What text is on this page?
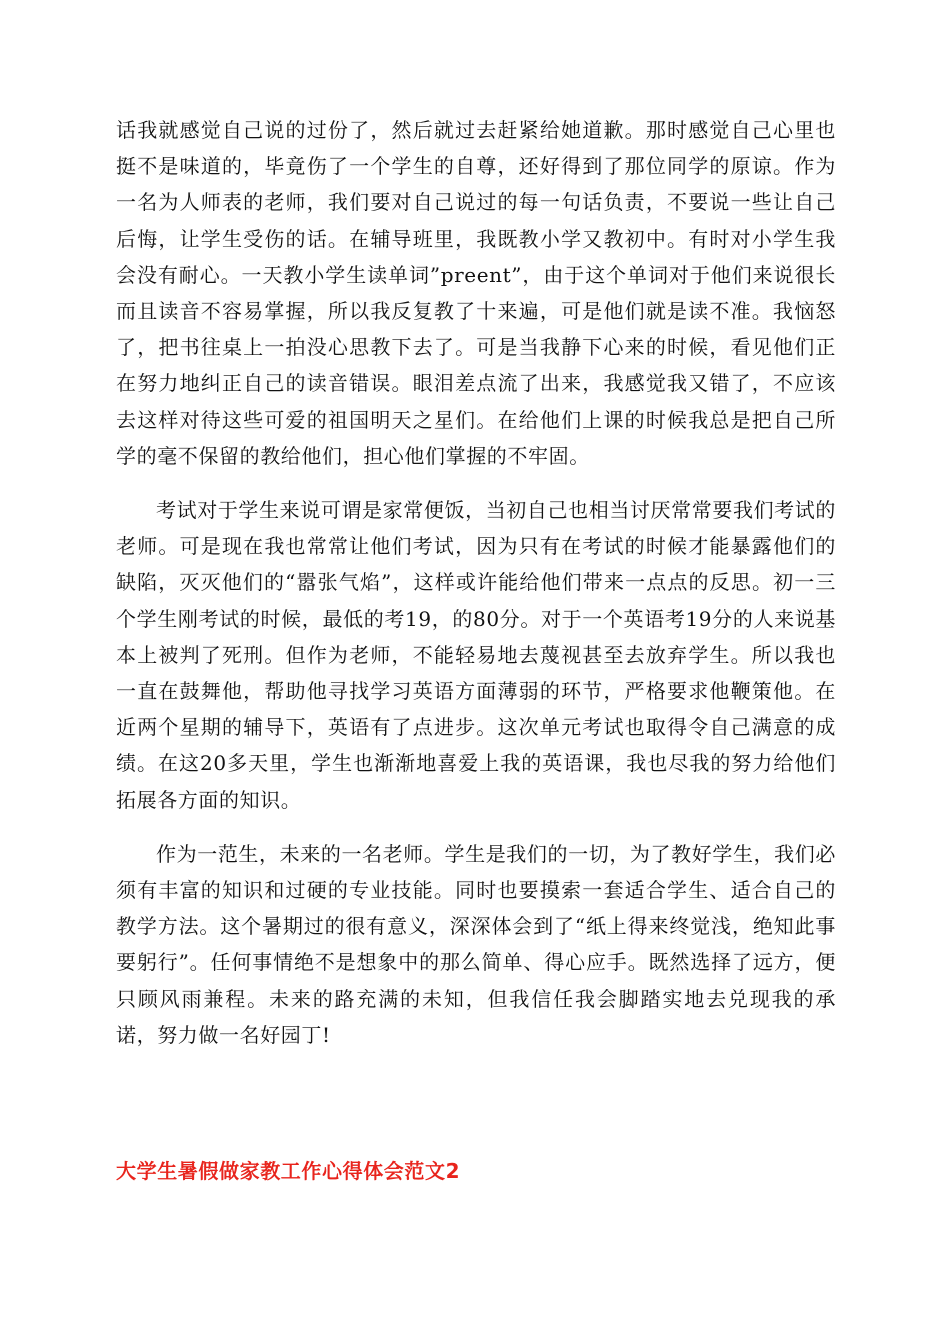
话我就感觉自己说的过份了，然后就过去赶紧给她道歉。那时感觉自己心里也挺不是味道的，毕竟伤了一个学生的自尊，还好得到了那位同学的原谅。作为一名为人师表的老师，我们要对自己说过的每一句话负责，不要说一些让自己后悔，让学生受伤的话。在辅导班里，我既教小学又教初中。有时对小学生我会没有耐心。一天教小学生读单词”preent”，由于这个单词对于他们来说很长而且读音不容易掌握，所以我反复教了十来遍，可是他们就是读不准。我恼怒了，把书往桌上一拍没心思教下去了。可是当我静下心来的时候，看见他们正在努力地纠正自己的读音错误。眼泪差点流了出来，我感觉我又错了，不应该去这样对待这些可爱的祖国明天之星们。在给他们上课的时候我总是把自己所学的毫不保留的教给他们，担心他们掌握的不牢固。

考试对于学生来说可谓是家常便饭，当初自己也相当讨厌常常要我们考试的老师。可是现在我也常常让他们考试，因为只有在考试的时候才能暴露他们的缺陷，灭灭他们的“嚣张气焰”，这样或许能给他们带来一点点的反思。初一三个学生刚考试的时候，最低的考19，的80分。对于一个英语考19分的人来说基本上被判了死刑。但作为老师，不能轻易地去蔑视甚至去放弃学生。所以我也一直在鼓舞他，帮助他寻找学习英语方面薄弱的环节，严格要求他鞭策他。在近两个星期的辅导下，英语有了点进步。这次单元考试也取得令自己满意的成绩。在这20多天里，学生也渐渐地喜爱上我的英语课，我也尽我的努力给他们拓展各方面的知识。

作为一范生，未来的一名老师。学生是我们的一切，为了教好学生，我们必须有丰富的知识和过硬的专业技能。同时也要摸索一套适合学生、适合自己的教学方法。这个暑期过的很有意义，深深体会到了“纸上得来终觉浅，绝知此事要躬行”。任何事情绝不是想象中的那么简单、得心应手。既然选择了远方，便只顾风雨兼程。未来的路充满的未知，但我信任我会脚踏实地去兑现我的承诺，努力做一名好园丁!

大学生暑假做家教工作心得体会范文2
